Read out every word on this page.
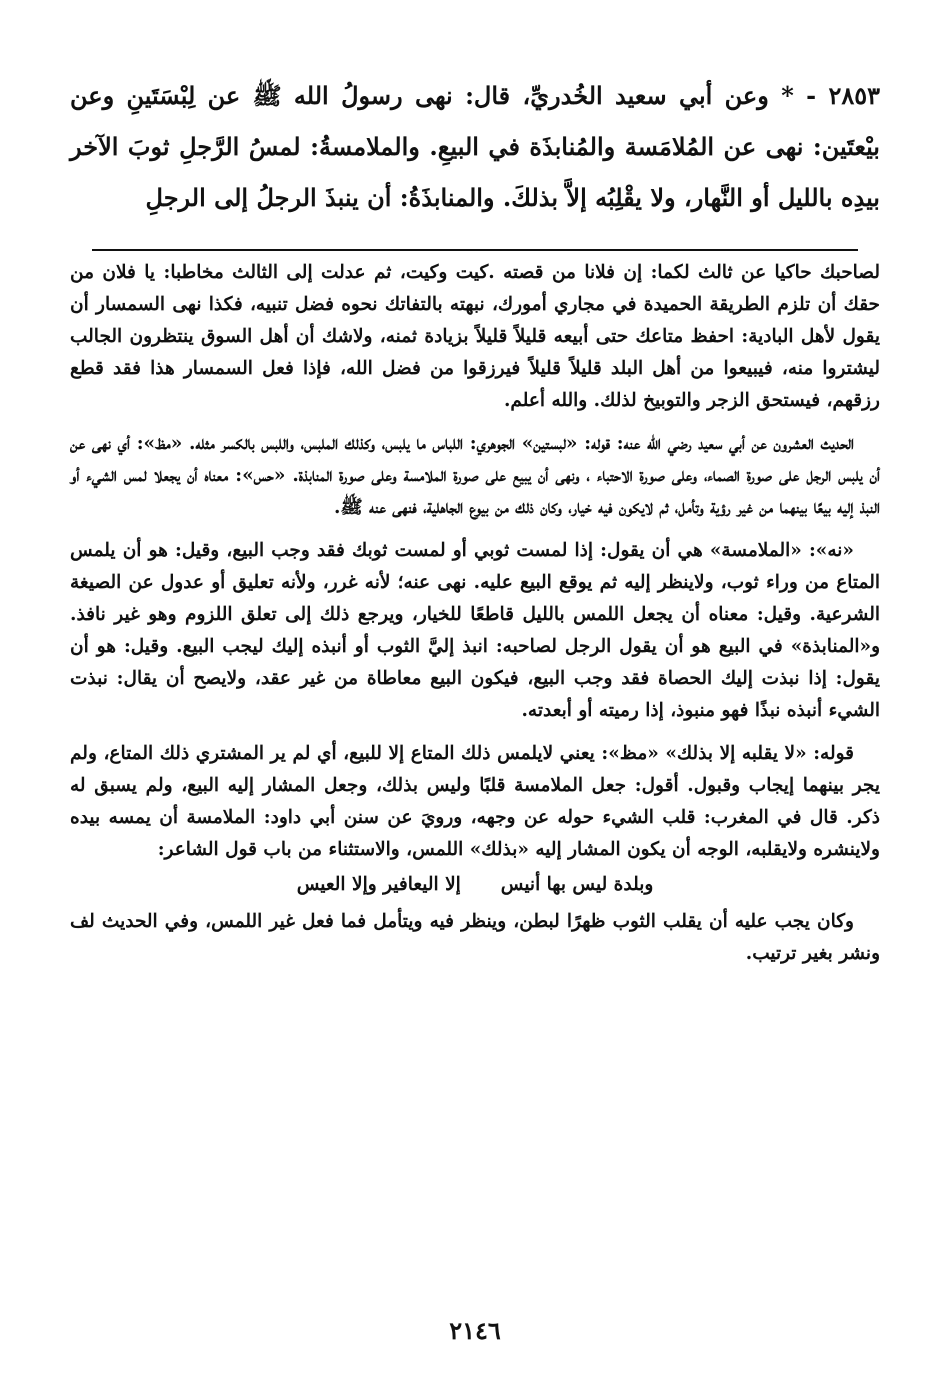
٢٨٥٣ - * وعن أبي سعيد الخُدريِّ، قال: نهى رسولُ الله ﷺ عن لِبْسَتَينِ وعن بيْعتَين: نهى عن المُلامَسة والمُنابذَة في البيعِ. والملامسةُ: لمسُ الرَّجلِ ثوبَ الآخر بيدِه بالليل أو النَّهار، ولا يقْلِبُه إلاَّ بذلكَ. والمنابذَةُ: أن ينبذَ الرجلُ إلى الرجلِ

لصاحبك حاكيا عن ثالث لكما: إن فلانا من قصته .كيت وكيت، ثم عدلت إلى الثالث مخاطبا: يا فلان من حقك أن تلزم الطريقة الحميدة في مجاري أمورك، نبهته بالتفاتك نحوه فضل تنبيه، فكذا نهى السمسار أن يقول لأهل البادية: احفظ متاعك حتى أبيعه قليلاً قليلاً بزيادة ثمنه، ولاشك أن أهل السوق ينتظرون الجالب ليشتروا منه، فيبيعوا من أهل البلد قليلاً قليلاً فيرزقوا من فضل الله، فإذا فعل السمسار هذا فقد قطع رزقهم، فيستحق الزجر والتوبيخ لذلك. والله أعلم.

الحديث العشرون عن أبي سعيد رضي الله عنه: قوله: «لبستين» الجوهري: اللباس ما يلبس، وكذلك الملبس، واللبس بالكسر مثله. «مظ»: أي نهى عن أن يلبس الرجل على صورة الصماء، وعلى صورة الاحتباء ، ونهى أن يبيع على صورة الملامسة وعلى صورة المنابذة. «حس»: معناه أن يجعلا لمس الشيء أو النبذ إليه بيعًا بينهما من غير رؤية وتأمل، ثم لايكون فيه خيار، وكان ذلك من بيوع الجاهلية، فنهى عنه ﷺ.

«نه»: «الملامسة» هي أن يقول: إذا لمست ثوبي أو لمست ثوبك فقد وجب البيع، وقيل: هو أن يلمس المتاع من وراء ثوب، ولاينظر إليه ثم يوقع البيع عليه. نهى عنه؛ لأنه غرر، ولأنه تعليق أو عدول عن الصيغة الشرعية. وقيل: معناه أن يجعل اللمس بالليل قاطعًا للخيار، ويرجع ذلك إلى تعلق اللزوم وهو غير نافذ. و«المنابذة» في البيع هو أن يقول الرجل لصاحبه: انبذ إليَّ الثوب أو أنبذه إليك ليجب البيع. وقيل: هو أن يقول: إذا نبذت إليك الحصاة فقد وجب البيع، فيكون البيع معاطاة من غير عقد، ولايصح أن يقال: نبذت الشيء أنبذه نبذًا فهو منبوذ، إذا رميته أو أبعدته.

قوله: «لا يقلبه إلا بذلك» «مظ»: يعني لايلمس ذلك المتاع إلا للبيع، أي لم ير المشتري ذلك المتاع، ولم يجر بينهما إيجاب وقبول. أقول: جعل الملامسة قلبًا وليس بذلك، وجعل المشار إليه البيع، ولم يسبق له ذكر. قال في المغرب: قلب الشيء حوله عن وجهه، ورويَ عن سنن أبي داود: الملامسة أن يمسه بيده ولاينشره ولايقلبه، الوجه أن يكون المشار إليه «بذلك» اللمس، والاستثناء من باب قول الشاعر:

وبلدة ليس بها أنيسإلا اليعافير وإلا العيس

وكان يجب عليه أن يقلب الثوب ظهرًا لبطن، وينظر فيه ويتأمل فما فعل غير اللمس، وفي الحديث لف ونشر بغير ترتيب.

٢١٤٦
